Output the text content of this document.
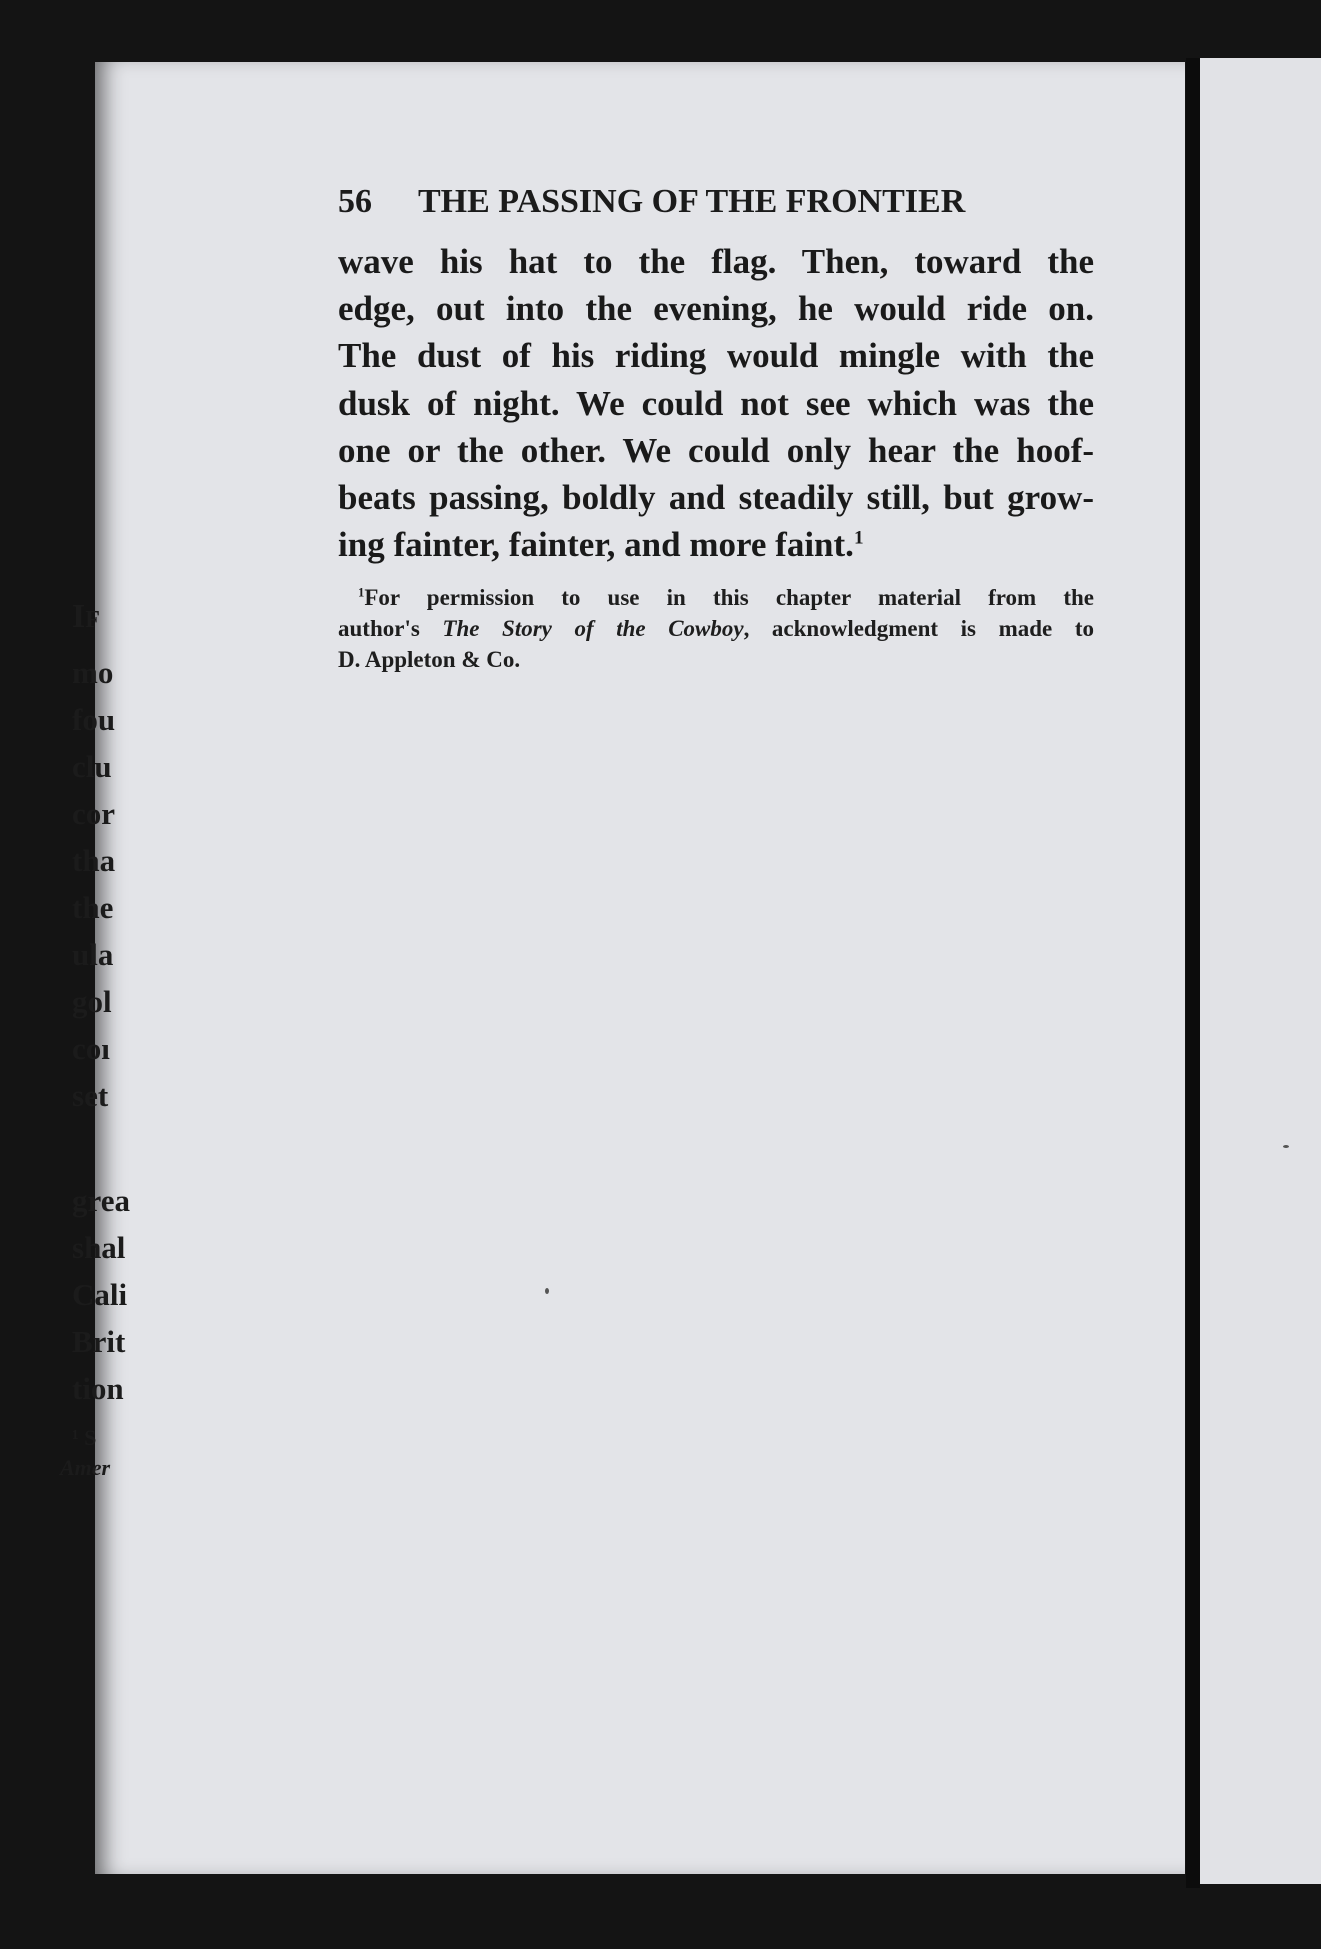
56 THE PASSING OF THE FRONTIER
wave his hat to the flag. Then, toward the
edge, out into the evening, he would ride on.
The dust of his riding would mingle with the
dusk of night. We could not see which was the
one or the other. We could only hear the hoof-
beats passing, boldly and steadily still, but grow-
ing fainter, fainter, and more faint.$^1$
$^1$For permission to use in this chapter material from the
author's The Story of the Cowboy, acknowledgment is made to
D. Appleton & Co.
If
mo
fou
clu
cor
tha
the
ula
gol
coı
set
grea
shal
Cali
Brit
tion
¹ S
Amer
